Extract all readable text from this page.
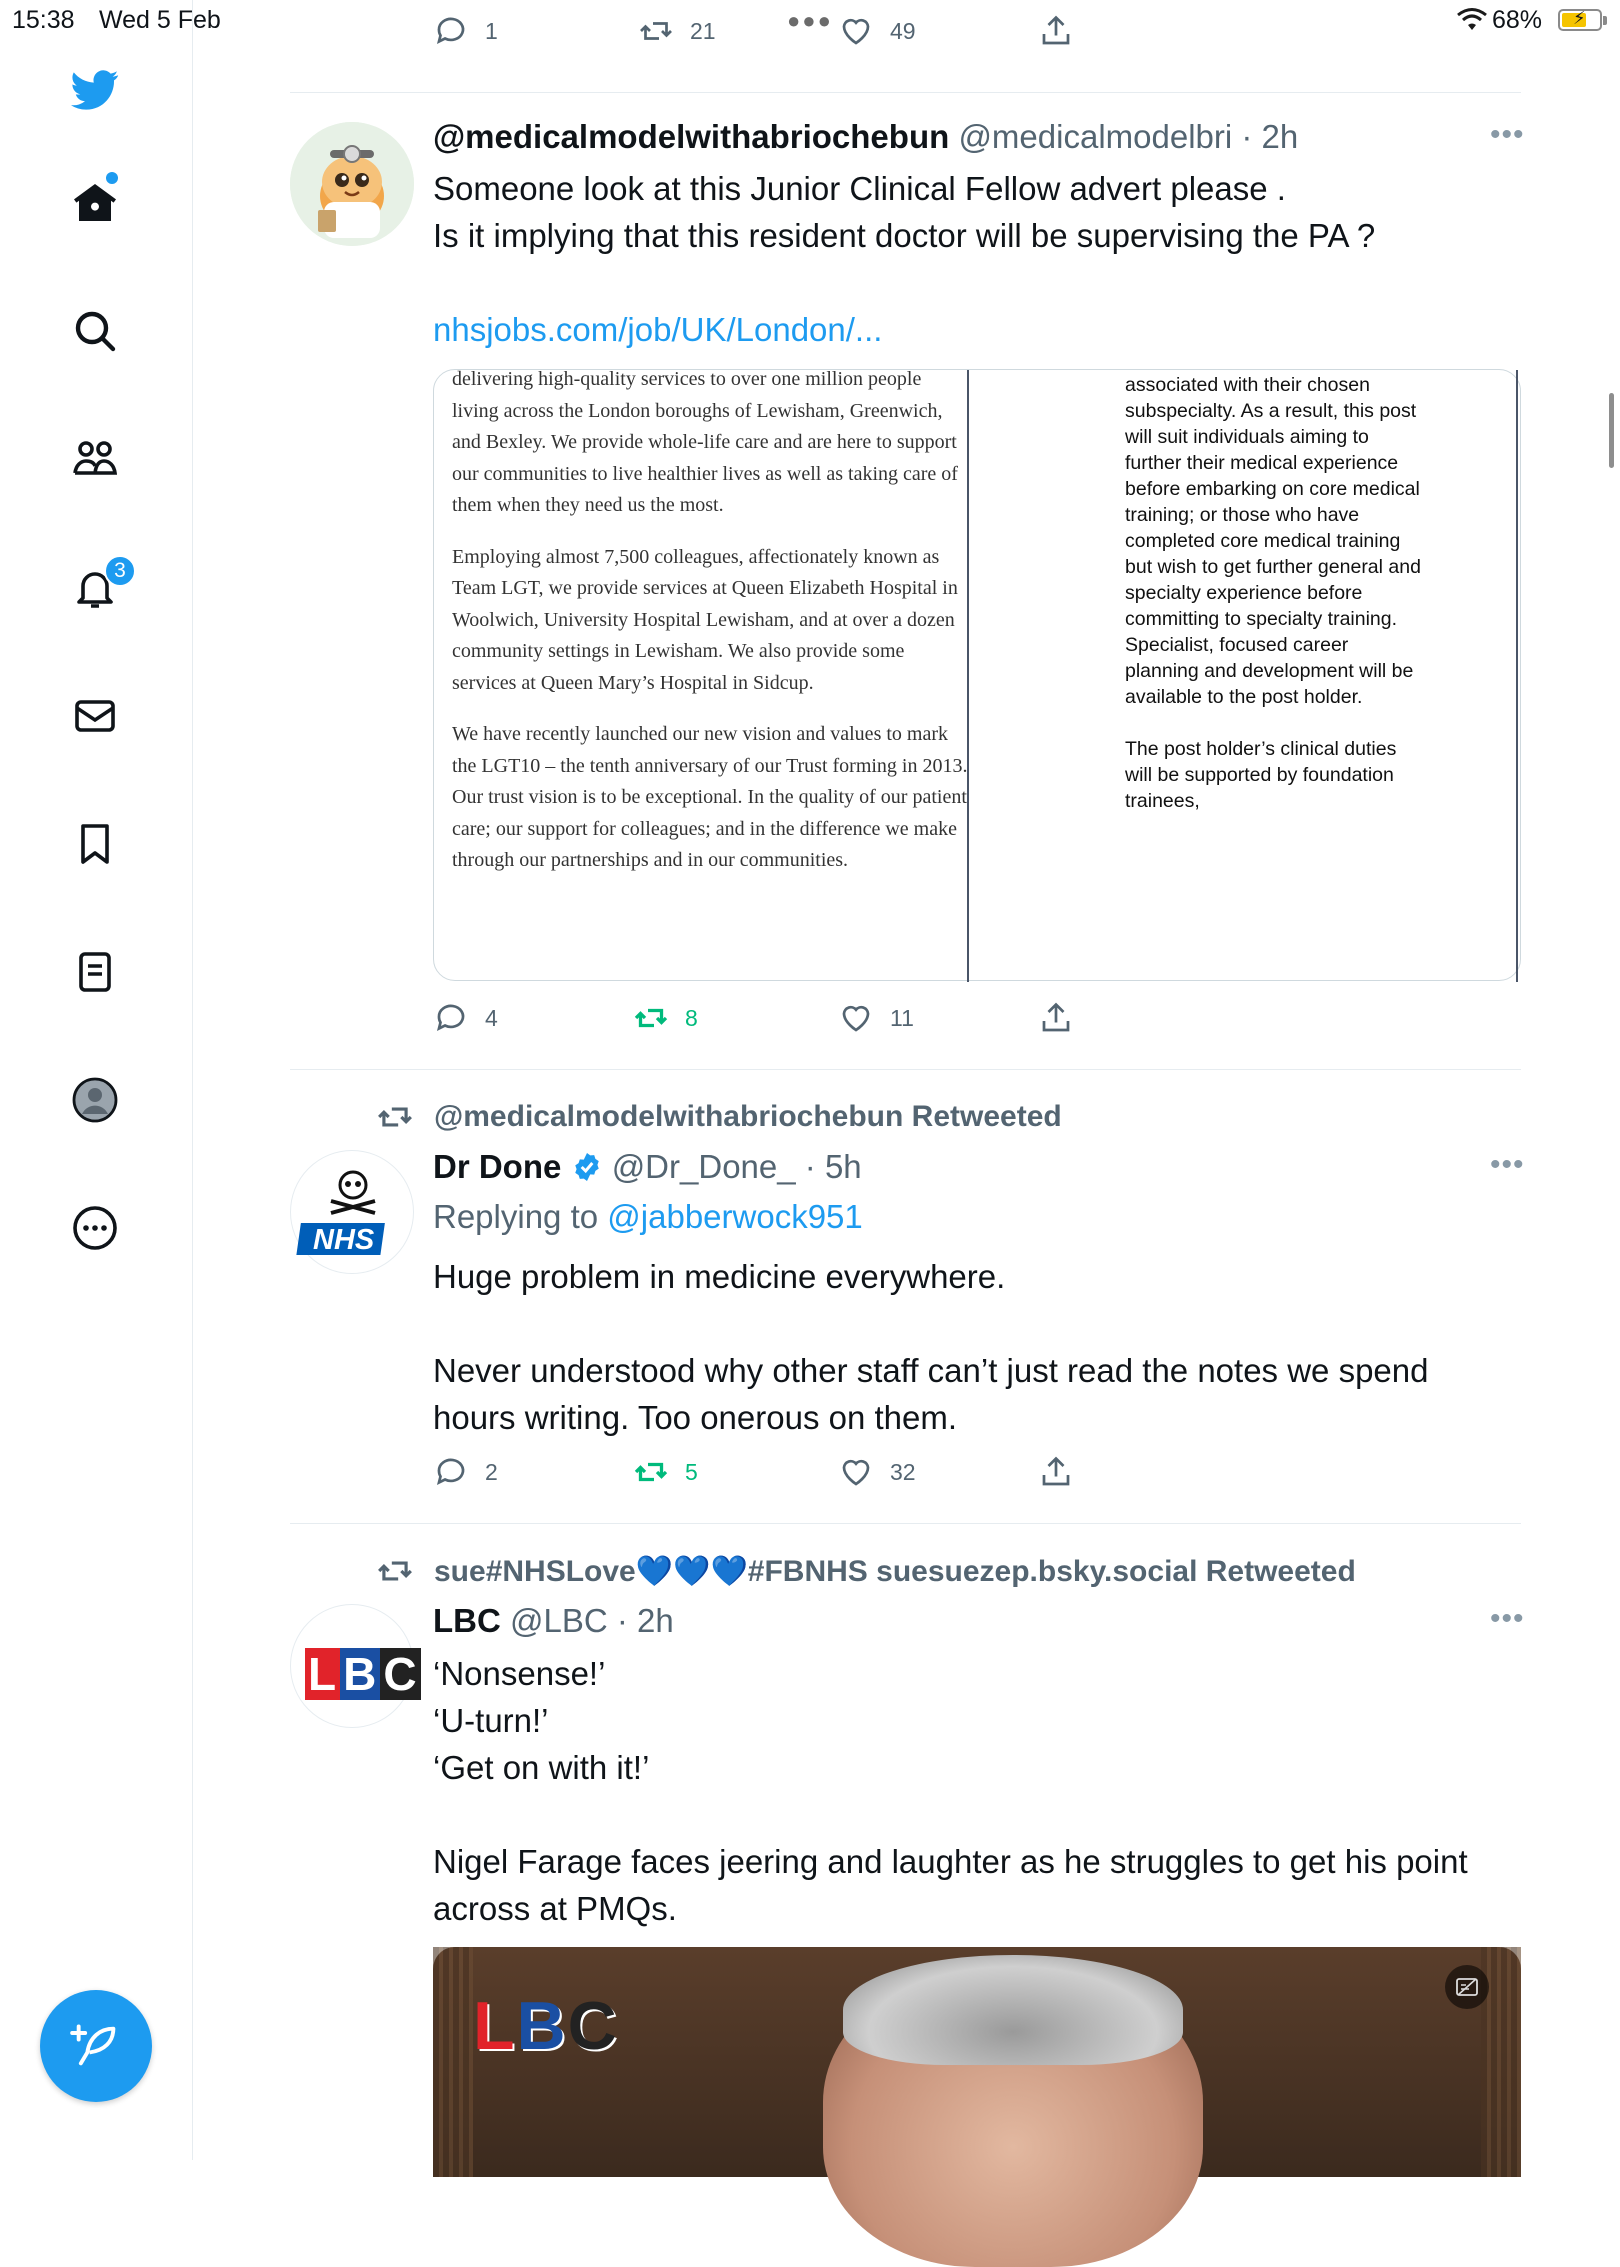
15:38 Wed 5 Feb	●●●	68% ⚡
3
1	21	49
@medicalmodelwithabriochebun @medicalmodelbri · 2h	•••
Someone look at this Junior Clinical Fellow advert please .
Is it implying that this resident doctor will be supervising the PA ?
nhsjobs.com/job/UK/London/...

delivering high-quality services to over one million people living across the London boroughs of Lewisham, Greenwich, and Bexley. We provide whole-life care and are here to support our communities to live healthier lives as well as taking care of them when they need us the most.

Employing almost 7,500 colleagues, affectionately known as Team LGT, we provide services at Queen Elizabeth Hospital in Woolwich, University Hospital Lewisham, and at over a dozen community settings in Lewisham. We also provide some services at Queen Mary’s Hospital in Sidcup.

We have recently launched our new vision and values to mark the LGT10 – the tenth anniversary of our Trust forming in 2013. Our trust vision is to be exceptional. In the quality of our patient care; our support for colleagues; and in the difference we make through our partnerships and in our communities.

associated with their chosen subspecialty. As a result, this post will suit individuals aiming to further their medical experience before embarking on core medical training; or those who have completed core medical training but wish to get further general and specialty experience before committing to specialty training. Specialist, focused career planning and development will be available to the post holder.

The post holder’s clinical duties will be supported by foundation trainees,

4	8	11
@medicalmodelwithabriochebun Retweeted
NHS
Dr Done @Dr_Done_ · 5h	•••
Replying to @jabberwock951
Huge problem in medicine everywhere.
Never understood why other staff can’t just read the notes we spend
hours writing. Too onerous on them.
2	5	32
sue#NHSLove💙💙💙#FBNHS suesuezep.bsky.social Retweeted
L B C
LBC @LBC · 2h	•••
‘Nonsense!’
‘U-turn!’
‘Get on with it!’
Nigel Farage faces jeering and laughter as he struggles to get his point
across at PMQs.
LBC
